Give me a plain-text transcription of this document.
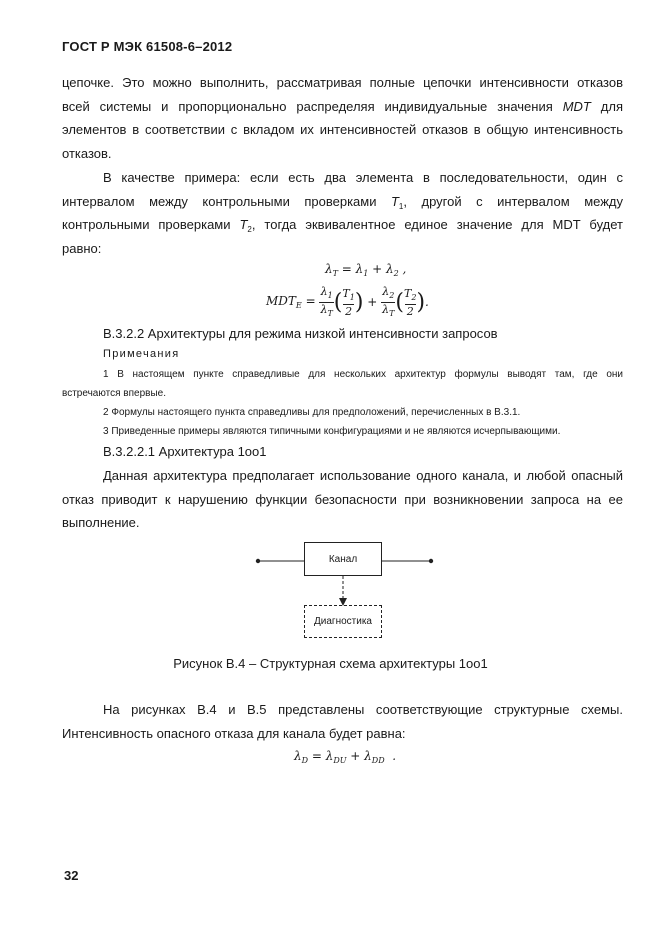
ГОСТ Р МЭК 61508-6–2012
цепочке. Это можно выполнить, рассматривая полные цепочки интенсивности отказов
всей системы и пропорционально распределяя индивидуальные значения MDT для
элементов в соответствии с вкладом их интенсивностей отказов в общую интенсивность
отказов.
В качестве примера: если есть два элемента в последовательности, один с
интервалом между контрольными проверками $T_1$, другой с интервалом между
контрольными проверками $T_2$, тогда эквивалентное единое значение для MDT будет
равно:
$\lambda_T = \lambda_1 + \lambda_2$ ,
$MDT_E = \frac{\lambda_1}{\lambda_T}$ ( $T_1$
2 ) + $\frac{\lambda_2}{\lambda_T}$ ( $T_2$
2 ) .
В.3.2.2 Архитектуры для режима низкой интенсивности запросов
Примечания
1 В настоящем пункте справедливые для нескольких архитектур формулы выводят там, где они
встречаются впервые.
2 Формулы настоящего пункта справедливы для предположений, перечисленных в В.3.1.
3 Приведенные примеры являются типичными конфигурациями и не являются исчерпывающими.
В.3.2.2.1 Архитектура 1oo1
Данная архитектура предполагает использование одного канала, и любой опасный
отказ приводит к нарушению функции безопасности при возникновении запроса на ее
выполнение.
Канал
Диагностика
Рисунок В.4 – Структурная схема архитектуры 1oo1
На рисунках В.4 и В.5 представлены соответствующие структурные схемы.
Интенсивность опасного отказа для канала будет равна:
$\lambda_D = \lambda_{DU} + \lambda_{DD}$  .
32
